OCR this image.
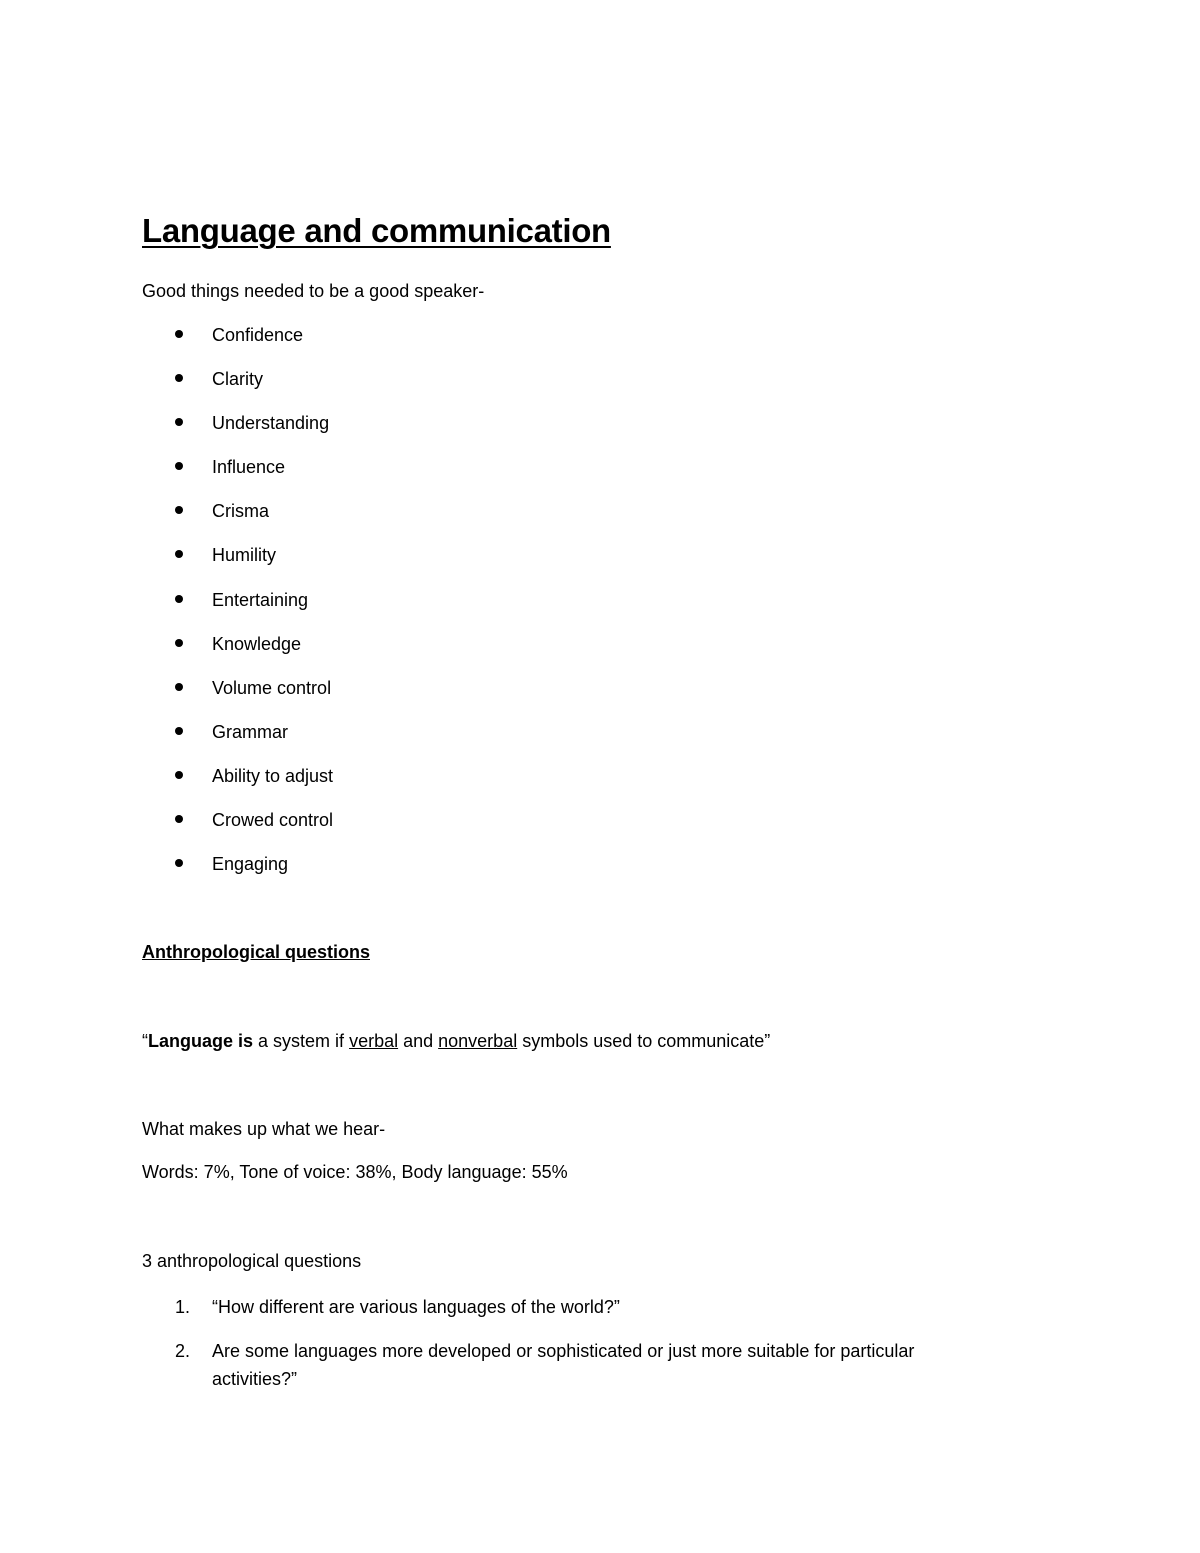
Language and communication
Good things needed to be a good speaker-
Confidence
Clarity
Understanding
Influence
Crisma
Humility
Entertaining
Knowledge
Volume control
Grammar
Ability to adjust
Crowed control
Engaging
Anthropological questions
“Language is a system if verbal and nonverbal symbols used to communicate”
What makes up what we hear-
Words: 7%, Tone of voice: 38%, Body language: 55%
3 anthropological questions
1. “How different are various languages of the world?”
2. Are some languages more developed or sophisticated or just more suitable for particular activities?”
